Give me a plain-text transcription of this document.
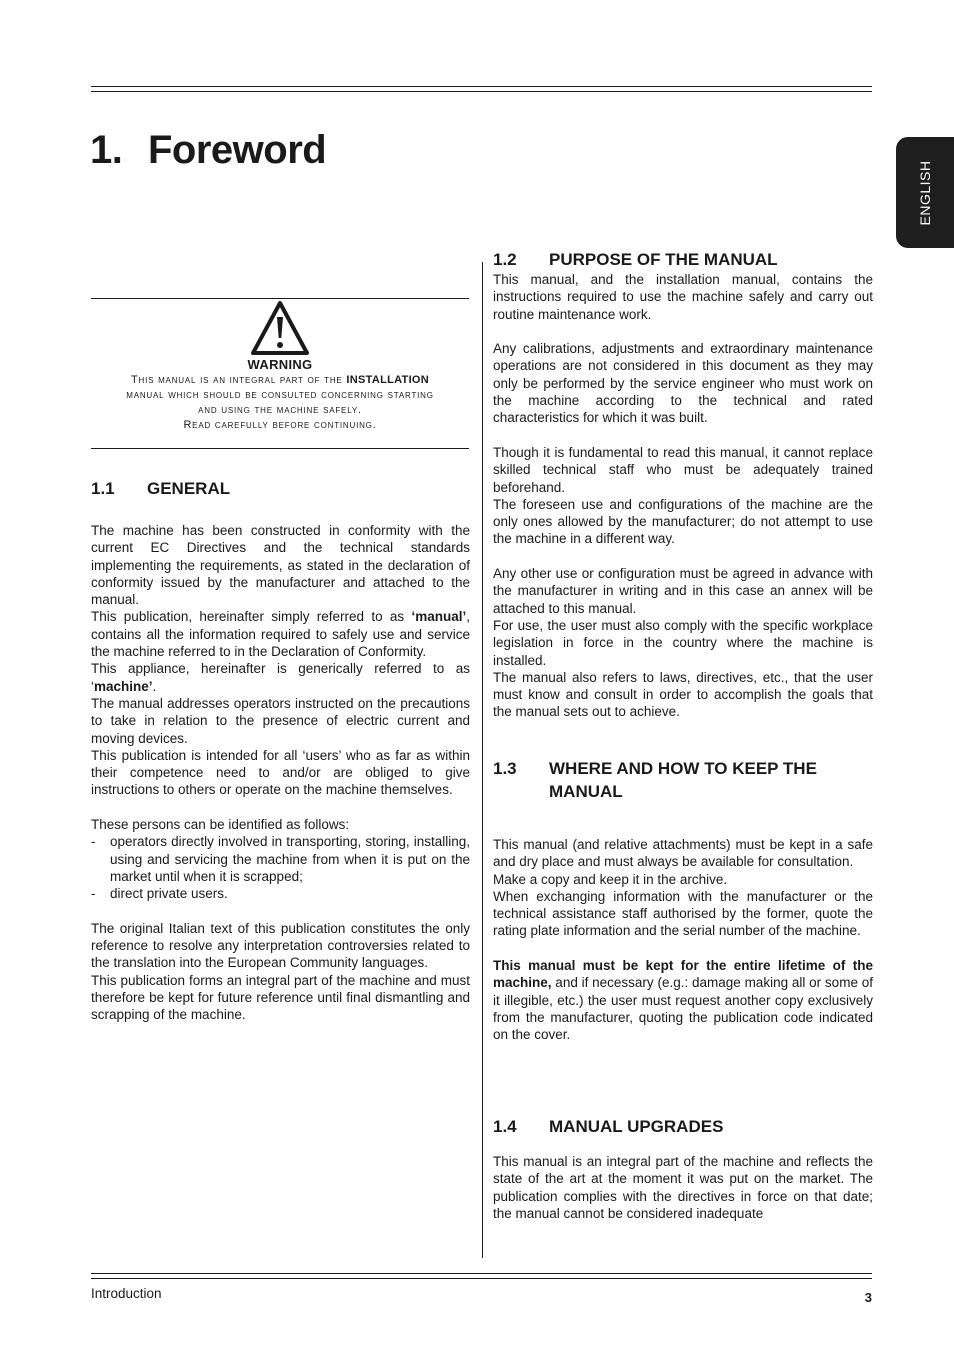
1. Foreword
ENGLISH
WARNING
This manual is an integral part of the INSTALLATION
manual which should be consulted concerning starting
and using the machine safely.
Read carefully before continuing.
1.1 GENERAL

The machine has been constructed in conformity with the current EC Directives and the technical standards implementing the requirements, as stated in the declaration of conformity issued by the manufacturer and attached to the manual.

This publication, hereinafter simply referred to as ‘manual’, contains all the information required to safely use and service the machine referred to in the Declaration of Conformity.

This appliance, hereinafter is generically referred to as ‘machine’.

The manual addresses operators instructed on the precautions to take in relation to the presence of electric current and moving devices.

This publication is intended for all ‘users’ who as far as within their competence need to and/or are obliged to give instructions to others or operate on the machine themselves.

These persons can be identified as follows:

- operators directly involved in transporting, storing, installing, using and servicing the machine from when it is put on the market until when it is scrapped;
- direct private users.

The original Italian text of this publication constitutes the only reference to resolve any interpretation controversies related to the translation into the European Community languages.

This publication forms an integral part of the machine and must therefore be kept for future reference until final dismantling and scrapping of the machine.

1.2 PURPOSE OF THE MANUAL

This manual, and the installation manual, contains the instructions required to use the machine safely and carry out routine maintenance work.

Any calibrations, adjustments and extraordinary maintenance operations are not considered in this document as they may only be performed by the service engineer who must work on the machine according to the technical and rated characteristics for which it was built.

Though it is fundamental to read this manual, it cannot replace skilled technical staff who must be adequately trained beforehand.

The foreseen use and configurations of the machine are the only ones allowed by the manufacturer; do not attempt to use the machine in a different way.

Any other use or configuration must be agreed in advance with the manufacturer in writing and in this case an annex will be attached to this manual.

For use, the user must also comply with the specific workplace legislation in force in the country where the machine is installed.

The manual also refers to laws, directives, etc., that the user must know and consult in order to accomplish the goals that the manual sets out to achieve.

1.3 WHERE AND HOW TO KEEP THE MANUAL

This manual (and relative attachments) must be kept in a safe and dry place and must always be available for consultation.

Make a copy and keep it in the archive.

When exchanging information with the manufacturer or the technical assistance staff authorised by the former, quote the rating plate information and the serial number of the machine.

This manual must be kept for the entire lifetime of the machine, and if necessary (e.g.: damage making all or some of it illegible, etc.) the user must request another copy exclusively from the manufacturer, quoting the publication code indicated on the cover.

1.4 MANUAL UPGRADES

This manual is an integral part of the machine and reflects the state of the art at the moment it was put on the market. The publication complies with the directives in force on that date; the manual cannot be considered inadequate

Introduction	3
